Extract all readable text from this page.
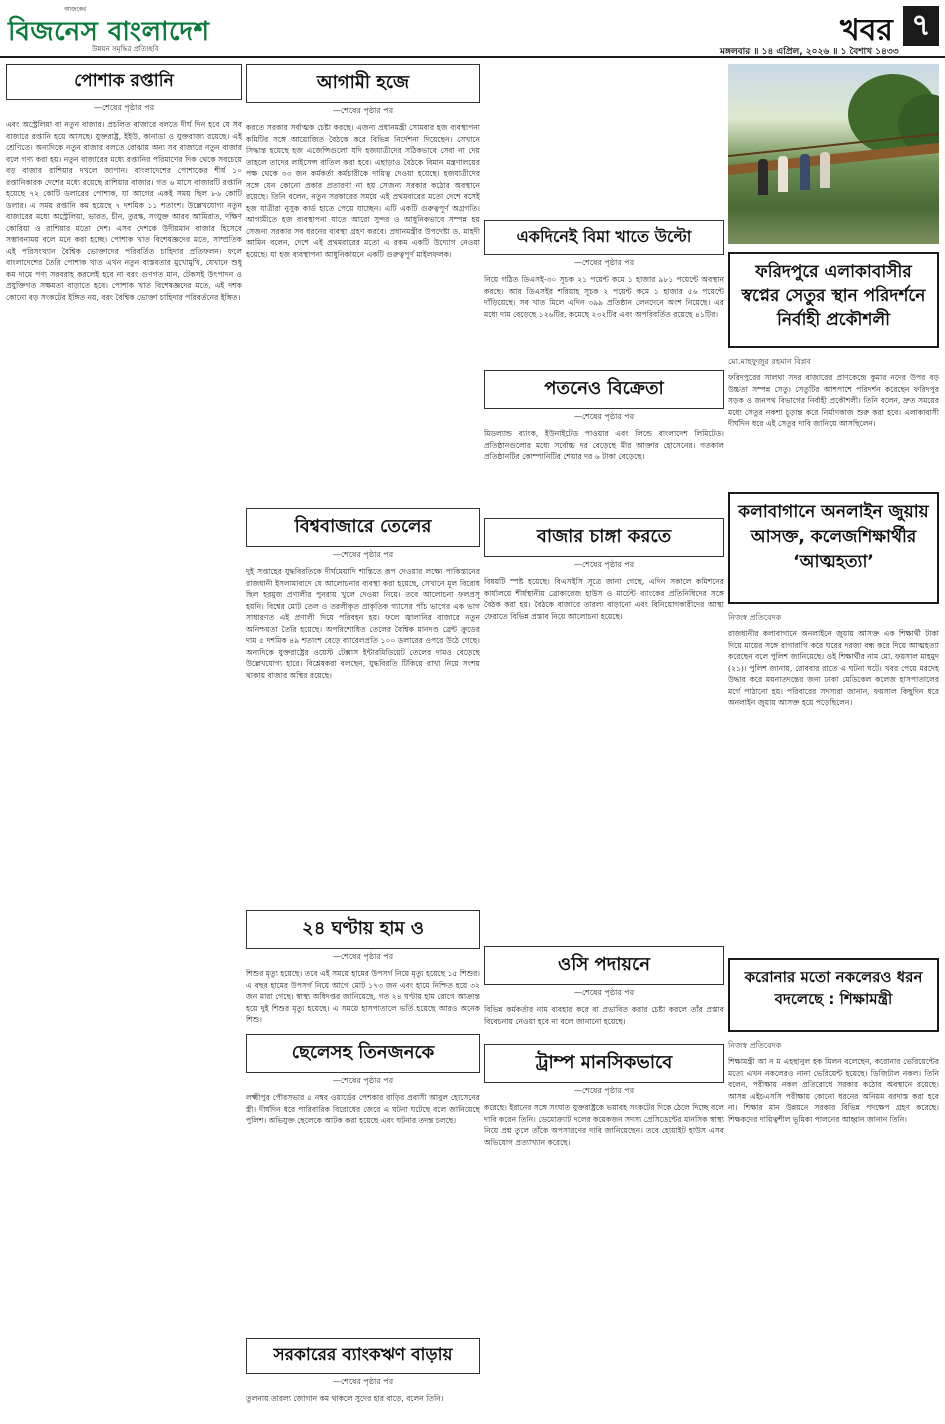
আজকের
বিজনেস বাংলাদেশ
উন্নয়ন সমৃদ্ধির প্রতিচ্ছবি
খবর ৭
মঙ্গলবার ॥ ১৪ এপ্রিল, ২০২৬ ॥ ১ বৈশাখ ১৪৩৩
পোশাক রপ্তানি
— শেষের পৃষ্ঠার পর

এবং অস্ট্রেলিয়া বা নতুন বাজার। প্রচলিত বাজারে বলতে দীর্ঘ দিন হবে যে সব বাজারে রপ্তানি হয়ে আসছে। যুক্তরাষ্ট্র, ইইউ, কানাডা ও যুক্তরাজ্য রয়েছে। এই শ্রেণিতে। অন্যদিকে নতুন বাজার বলতে বোঝায় অন্য সব বাজারে নতুন বাজার বলে গণ্য করা হয়। নতুন বাজারের মধ্যে রপ্তানির পরিমাণের দিক থেকে সবচেয়ে বড় বাজার রাশিয়ার দখলে জাপান। বাংলাদেশের পোশাকের শীর্ষ ১০ রপ্তানিকারক দেশের মধ্যে রয়েছে রাশিয়ার বাজার। গত ৬ মাসে বাজারটি রপ্তানি হয়েছে ৭২ কোটি ডলারের পোশাক, যা আগের একই সময় ছিল ৮৬ কোটি ডলার। এ সময় রপ্তানি কম হয়েছে ৭ দশমিক ১১ শতাংশ। উল্লেখযোগ্য নতুন বাজারের মধ্যে অস্ট্রেলিয়া, ভারত, চীন, তুরস্ক, সংযুক্ত আরব আমিরাত, দক্ষিণ কোরিয়া ও রাশিয়ার মতো দেশ। এসব দেশকে উদীয়মান বাজার হিসেবে সম্ভাবনাময় বলে মনে করা হচ্ছে। পোশাক খাত বিশেষজ্ঞদের মতে, সাম্প্রতিক এই পরিসংখ্যান বৈশ্বিক ভোক্তাদের পরিবর্তিত চাহিদার প্রতিফলন। ফলে বাংলাদেশের তৈরি পোশাক খাত এখন নতুন বাস্তবতার মুখোমুখি, যেখানে শুধু কম দামে পণ্য সরবরাহ করলেই হবে না বরং গুণগত মান, টেকসই উৎপাদন ও প্রযুক্তিগত সক্ষমতা বাড়াতে হবে। পোশাক খাত বিশেষজ্ঞদের মতে, এই দশক কোনো বড় সংকটের ইঙ্গিত নয়, বরং বৈশ্বিক ভোক্তা চাহিদার পরিবর্তনের ইঙ্গিত।

আগামী হজে
— শেষের পৃষ্ঠার পর

করতে সরকার সর্বাত্মক চেষ্টা করছে। এজন্য প্রধানমন্ত্রী সোমবার হজ ব্যবস্থাপনা কমিটির সঙ্গে আয়োজিত বৈঠকে করে বিভিন্ন নির্দেশনা দিয়েছেন। সেখানে সিদ্ধান্ত হয়েছে হজ এজেন্সিগুলো যদি হজযাত্রীদের সঠিকভাবে সেবা না দেয় তাহলে তাদের লাইসেন্স বাতিল করা হবে। এছাড়াও বৈঠকে বিমান মন্ত্রণালয়ের পক্ষ থেকে ৩৩ জন কর্মকর্তা কর্মচারীকে দায়িত্ব দেওয়া হয়েছে। হজযাত্রীদের সঙ্গে যেন কোনো প্রকার প্রতারণা না হয় সেজন্য সরকার কঠোর অবস্থানে রয়েছে। তিনি বলেন, নতুন সরকারের সময়ে এই প্রথমবারের মতো দেশে বসেই হজ যাত্রীরা নুসুক কার্ড হাতে পেয়ে যাচ্ছেন। এটি একটি গুরুত্বপূর্ণ অগ্রগতি। আগামীতে হজ ব্যবস্থাপনা যাতে আরো সুন্দর ও আধুনিকভাবে সম্পন্ন হয় সেজন্য সরকার সব ধরনের ব্যবস্থা গ্রহণ করবে। প্রধানমন্ত্রীর উপদেষ্টা ড. মাহদী আমিন বলেন, দেশে এই প্রথমবারের মতো এ রকম একটি উদ্যোগ নেওয়া হয়েছে। যা হজ ব্যবস্থাপনা আধুনিকায়নে একটি গুরুত্বপূর্ণ মাইলফলক।

বিশ্ববাজারে তেলের
— শেষের পৃষ্ঠার পর

দুই সপ্তাহের যুদ্ধবিরতিকে দীর্ঘমেয়াদি শান্তিতে রূপ দেওয়ার লক্ষ্যে পাকিস্তানের রাজধানী ইসলামাবাদে যে আলোচনার ব্যবস্থা করা হয়েছে, সেখানে মূল বিরোধ ছিল হরমুজ প্রণালীর পুনরায় খুলে দেওয়া নিয়ে। তবে আলোচনা ফলপ্রসূ হয়নি। বিশ্বের মোট তেল ও তরলীকৃত প্রাকৃতিক গ্যাসের পাঁচ ভাগের এক ভাগ সাধারণত এই প্রণালী দিয়ে পরিবহন হয়। ফলে জ্বালানির বাজারে নতুন অনিশ্চয়তা তৈরি হয়েছে। অপরিশোধিত তেলের বৈশ্বিক মানদণ্ড ব্রেন্ট ক্রুডের দাম ৫ দশমিক ৪৯ শতাংশ বেড়ে ব্যারেলপ্রতি ১০০ ডলারের ওপরে উঠে গেছে। অন্যদিকে যুক্তরাষ্ট্রের ওয়েস্ট টেক্সাস ইন্টারমিডিয়েট তেলের দামও বেড়েছে উল্লেখযোগ্য হারে। বিশ্লেষকরা বলছেন, যুদ্ধবিরতি টিকিয়ে রাখা নিয়ে সংশয় থাকায় বাজার অস্থির রয়েছে।

২৪ ঘণ্টায় হাম ও
— শেষের পৃষ্ঠার পর

শিশুর মৃত্যু হয়েছে। তবে এই সময়ে হামের উপসর্গ নিয়ে মৃত্যু হয়েছে ১৫ শিশুর। এ বছর হামের উপসর্গ নিয়ে আগে মোট ১৭৩ জন এবং হামে নিশ্চিত হয়ে ৩২ জন মারা গেছে। স্বাস্থ্য অধিদপ্তর জানিয়েছে, গত ২৪ ঘণ্টায় হাম রোগে আক্রান্ত হয়ে দুই শিশুর মৃত্যু হয়েছে। এ সময়ে হাসপাতালে ভর্তি হয়েছে আরও অনেক শিশু।

ছেলেসহ তিনজনকে
— শেষের পৃষ্ঠার পর

লক্ষ্মীপুর পৌরসভার ৫ নম্বর ওয়ার্ডের পেশকার বাড়ির প্রবাসী আবুল হোসেনের স্ত্রী। দীর্ঘদিন ধরে পারিবারিক বিরোধের জেরে এ ঘটনা ঘটেছে বলে জানিয়েছে পুলিশ। অভিযুক্ত ছেলেকে আটক করা হয়েছে এবং ঘটনার তদন্ত চলছে।

সরকারের ব্যাংকঋণ বাড়ায়
— শেষের পৃষ্ঠার পর

তুলনায় তারল্য জোগান কম থাকলে সুদের হার বাড়ে, বলেন তিনি।

একদিনেই বিমা খাতে উল্টো
— শেষের পৃষ্ঠার পর

নিয়ে গঠিত ডিএসই-৩০ সূচক ২১ পয়েন্ট কমে ১ হাজার ৯৮১ পয়েন্টে অবস্থান করছে। আর ডিএসইর শরিয়াহ সূচক ২ পয়েন্ট কমে ১ হাজার ৫৬ পয়েন্টে দাঁড়িয়েছে। সব খাত মিলে এদিন ৩৯৯ প্রতিষ্ঠান লেনদেনে অংশ নিয়েছে। এর মধ্যে দাম বেড়েছে ১২৬টির, কমেছে ২৩২টির এবং অপরিবর্তিত রয়েছে ৪১টির।

পতনেও বিক্রেতা
— শেষের পৃষ্ঠার পর

মিডল্যান্ড ব্যাংক, ইউনাইটেড পাওয়ার এবং লিন্ডে বাংলাদেশ লিমিটেড। প্রতিষ্ঠানগুলোর মধ্যে সর্বোচ্চ দর বেড়েছে মীর আক্তার হোসেনের। গতকাল প্রতিষ্ঠানটির কোম্পানিটির শেয়ার দর ৬ টাকা বেড়েছে।

বাজার চাঙ্গা করতে
— শেষের পৃষ্ঠার পর

বিষয়টি স্পষ্ট হয়েছে। বিএসইসি সূত্রে জানা গেছে, এদিন সকালে কমিশনের কার্যালয়ে শীর্ষস্থানীয় ব্রোকারেজ হাউস ও মার্চেন্ট ব্যাংকের প্রতিনিধিদের সঙ্গে বৈঠক করা হয়। বৈঠকে বাজারে তারল্য বাড়ানো এবং বিনিয়োগকারীদের আস্থা ফেরাতে বিভিন্ন প্রস্তাব নিয়ে আলোচনা হয়েছে।

ওসি পদায়নে
— শেষের পৃষ্ঠার পর

বিভিন্ন কর্মকর্তার নাম ব্যবহার করে বা প্রভাবিত করার চেষ্টা করলে তাঁর প্রস্তাব বিবেচনায় নেওয়া হবে না বলে জানানো হয়েছে।

ট্রাম্প মানসিকভাবে
— শেষের পৃষ্ঠার পর

করেছে। ইরানের সঙ্গে সংঘাত যুক্তরাষ্ট্রকে ভয়াবহ সংকটের দিকে ঠেলে দিচ্ছে বলে দাবি করেন তিনি। ডেমোক্র্যাট দলের কয়েকজন সদস্য প্রেসিডেন্টের মানসিক স্বাস্থ্য নিয়ে প্রশ্ন তুলে তাঁকে অপসারণের দাবি জানিয়েছেন। তবে হোয়াইট হাউস এসব অভিযোগ প্রত্যাখ্যান করেছে।

ফরিদপুরে এলাকাবাসীর স্বপ্নের সেতুর স্থান পরিদর্শনে নির্বাহী প্রকৌশলী
মো.মাহফুজুর রহমান বিপ্লব

ফরিদপুরের সালথা সদর বাজারের প্রাণকেন্দ্রে কুমার নদের উপর বড় উচ্চতা সম্পন্ন সেতু। সেতুটির আশপাশে পরিদর্শন করেছেন ফরিদপুর সড়ক ও জনপথ বিভাগের নির্বাহী প্রকৌশলী। তিনি বলেন, দ্রুত সময়ের মধ্যে সেতুর নকশা চূড়ান্ত করে নির্মাণকাজ শুরু করা হবে। এলাকাবাসী দীর্ঘদিন ধরে এই সেতুর দাবি জানিয়ে আসছিলেন।

কলাবাগানে অনলাইন জুয়ায় আসক্ত, কলেজশিক্ষার্থীর ‘আত্মহত্যা’
নিজস্ব প্রতিবেদক

রাজধানীর কলাবাগানে অনলাইনে জুয়ায় আসক্ত এক শিক্ষার্থী টাকা দিয়ে মায়ের সঙ্গে রাগারাগি করে ঘরের দরজা বন্ধ করে দিয়ে আত্মহত্যা করেছেন বলে পুলিশ জানিয়েছে। ওই শিক্ষার্থীর নাম মো. ফয়সাল মাহমুদ (২১)। পুলিশ জানায়, রোববার রাতে এ ঘটনা ঘটে। খবর পেয়ে মরদেহ উদ্ধার করে ময়নাতদন্তের জন্য ঢাকা মেডিকেল কলেজ হাসপাতালের মর্গে পাঠানো হয়। পরিবারের সদস্যরা জানান, ফয়সাল কিছুদিন ধরে অনলাইন জুয়ায় আসক্ত হয়ে পড়েছিলেন।

করোনার মতো নকলেরও ধরন বদলেছে : শিক্ষামন্ত্রী
নিজস্ব প্রতিবেদক

শিক্ষামন্ত্রী আ ন ম এহছানুল হক মিলন বলেছেন, করোনার ভেরিয়েন্টের মতো এখন নকলেরও নানা ভেরিয়েন্ট হয়েছে। ডিজিটাল নকল। তিনি বলেন, পরীক্ষায় নকল প্রতিরোধে সরকার কঠোর অবস্থানে রয়েছে। আসন্ন এইচএসসি পরীক্ষায় কোনো ধরনের অনিয়ম বরদাস্ত করা হবে না। শিক্ষার মান উন্নয়নে সরকার বিভিন্ন পদক্ষেপ গ্রহণ করেছে। শিক্ষকদের দায়িত্বশীল ভূমিকা পালনের আহ্বান জানান তিনি।
